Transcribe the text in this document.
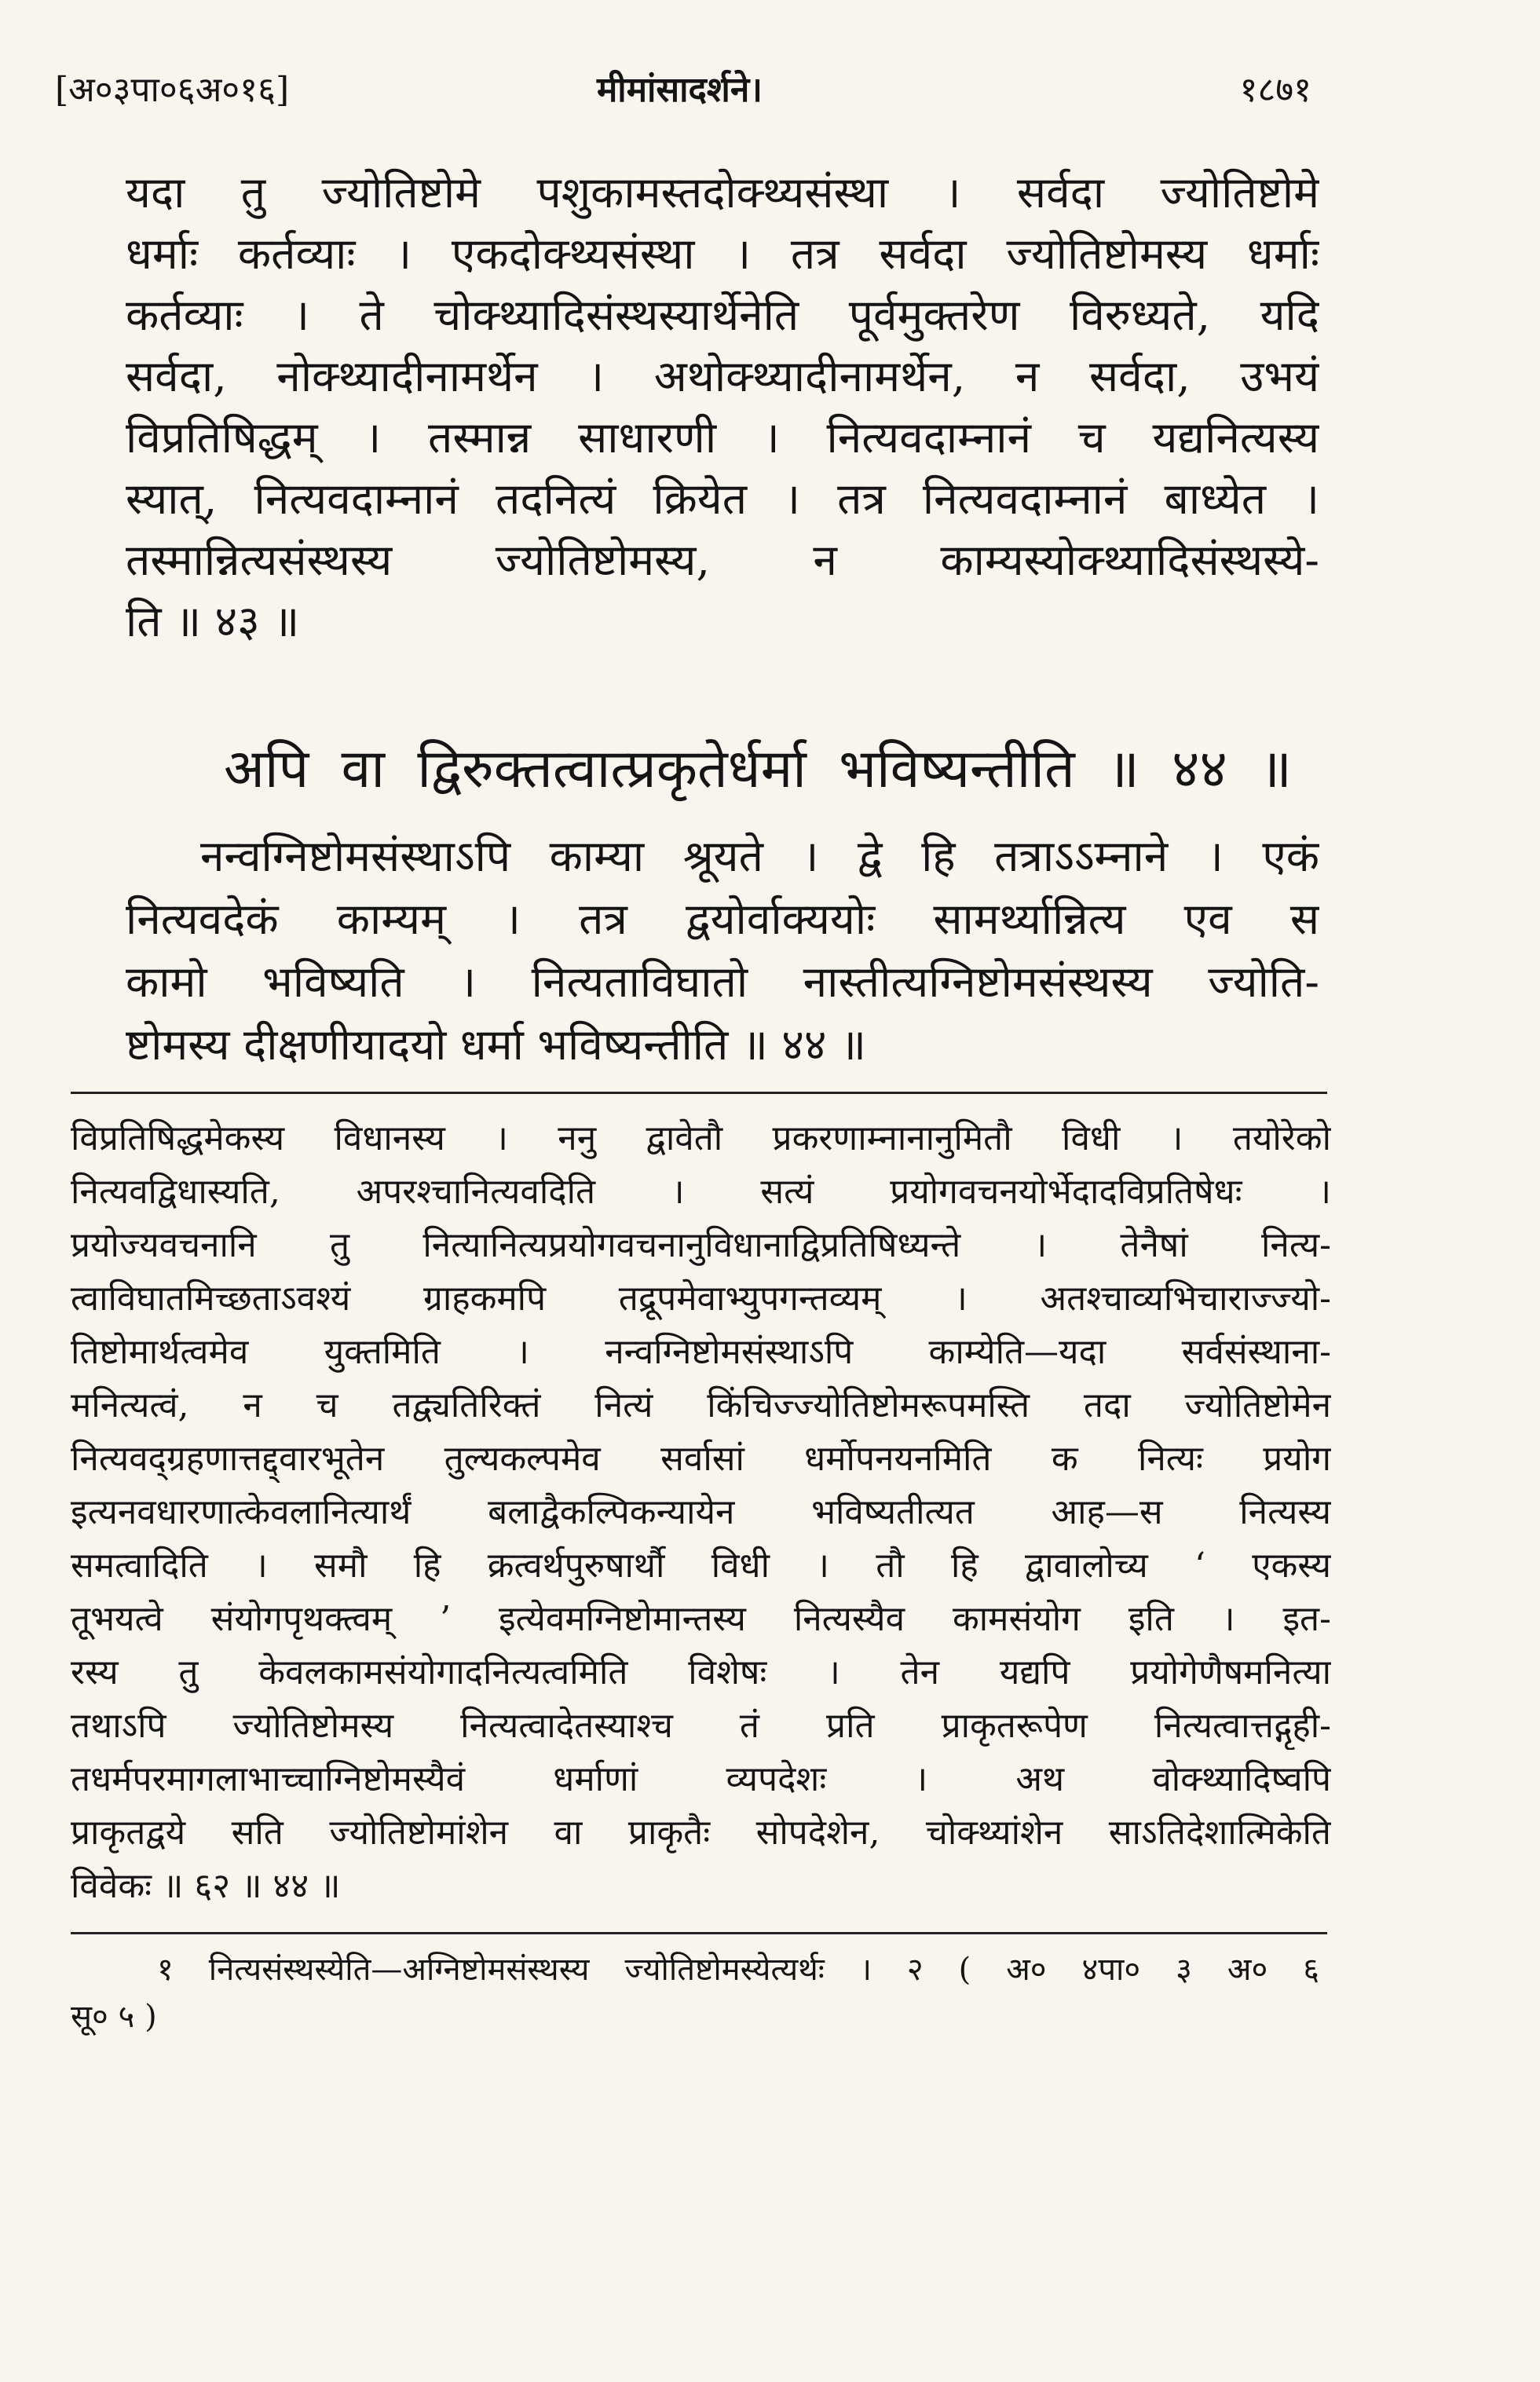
[अ०३पा०६अ०१६]	मीमांसादर्शने।	१८७१
यदा तु ज्योतिष्टोमे पशुकामस्तदोक्थ्यसंस्था । सर्वदा ज्योतिष्टोमे
धर्माः कर्तव्याः । एकदोक्थ्यसंस्था । तत्र सर्वदा ज्योतिष्टोमस्य धर्माः
कर्तव्याः । ते चोक्थ्यादिसंस्थस्यार्थेनेति पूर्वमुक्तरेण विरुध्यते, यदि
सर्वदा, नोक्थ्यादीनामर्थेन । अथोक्थ्यादीनामर्थेन, न सर्वदा, उभयं
विप्रतिषिद्धम् । तस्मान्न साधारणी । नित्यवदाम्नानं च यद्यनित्यस्य
स्यात्, नित्यवदाम्नानं तदनित्यं क्रियेत । तत्र नित्यवदाम्नानं बाध्येत ।
तस्मान्नित्यसंस्थस्य ज्योतिष्टोमस्य, न काम्यस्योक्थ्यादिसंस्थस्ये-
ति ॥ ४३ ॥
अपि वा द्विरुक्तत्वात्प्रकृतेर्धर्मा भविष्यन्तीति ॥ ४४ ॥
नन्वग्निष्टोमसंस्थाऽपि काम्या श्रूयते । द्वे हि तत्राऽऽम्नाने । एकं
नित्यवदेकं काम्यम् । तत्र द्वयोर्वाक्ययोः सामर्थ्यान्नित्य एव स
कामो भविष्यति । नित्यताविघातो नास्तीत्यग्निष्टोमसंस्थस्य ज्योति-
ष्टोमस्य दीक्षणीयादयो धर्मा भविष्यन्तीति ॥ ४४ ॥
विप्रतिषिद्धमेकस्य विधानस्य । ननु द्वावेतौ प्रकरणाम्नानानुमितौ विधी । तयोरेको
नित्यवद्विधास्यति, अपरश्चानित्यवदिति । सत्यं प्रयोगवचनयोर्भेदादविप्रतिषेधः ।
प्रयोज्यवचनानि तु नित्यानित्यप्रयोगवचनानुविधानाद्विप्रतिषिध्यन्ते । तेनैषां नित्य-
त्वाविघातमिच्छताऽवश्यं ग्राहकमपि तद्रूपमेवाभ्युपगन्तव्यम् । अतश्चाव्यभिचाराज्ज्यो-
तिष्टोमार्थत्वमेव युक्तमिति । नन्वग्निष्टोमसंस्थाऽपि काम्येति—यदा सर्वसंस्थाना-
मनित्यत्वं, न च तद्व्यतिरिक्तं नित्यं किंचिज्ज्योतिष्टोमरूपमस्ति तदा ज्योतिष्टोमेन
नित्यवद्ग्रहणात्तद्द्वारभूतेन तुल्यकल्पमेव सर्वासां धर्मोपनयनमिति क नित्यः प्रयोग
इत्यनवधारणात्केवलानित्यार्थं बलाद्वैकल्पिकन्यायेन भविष्यतीत्यत आह—स नित्यस्य
समत्वादिति । समौ हि क्रत्वर्थपुरुषार्थौ विधी । तौ हि द्वावालोच्य ‘ एकस्य
तूभयत्वे संयोगपृथक्त्वम् ’ इत्येवमग्निष्टोमान्तस्य नित्यस्यैव कामसंयोग इति । इत-
रस्य तु केवलकामसंयोगादनित्यत्वमिति विशेषः । तेन यद्यपि प्रयोगेणैषमनित्या
तथाऽपि ज्योतिष्टोमस्य नित्यत्वादेतस्याश्च तं प्रति प्राकृतरूपेण नित्यत्वात्तद्गृही-
तधर्मपरमागलाभाच्चाग्निष्टोमस्यैवं धर्माणां व्यपदेशः । अथ वोक्थ्यादिष्वपि
प्राकृतद्वये सति ज्योतिष्टोमांशेन वा प्राकृतैः सोपदेशेन, चोक्थ्यांशेन साऽतिदेशात्मिकेति
विवेकः ॥ ६२ ॥ ४४ ॥
१ नित्यसंस्थस्येति—अग्निष्टोमसंस्थस्य ज्योतिष्टोमस्येत्यर्थः । २ ( अ० ४पा० ३ अ० ६
सू० ५ )
